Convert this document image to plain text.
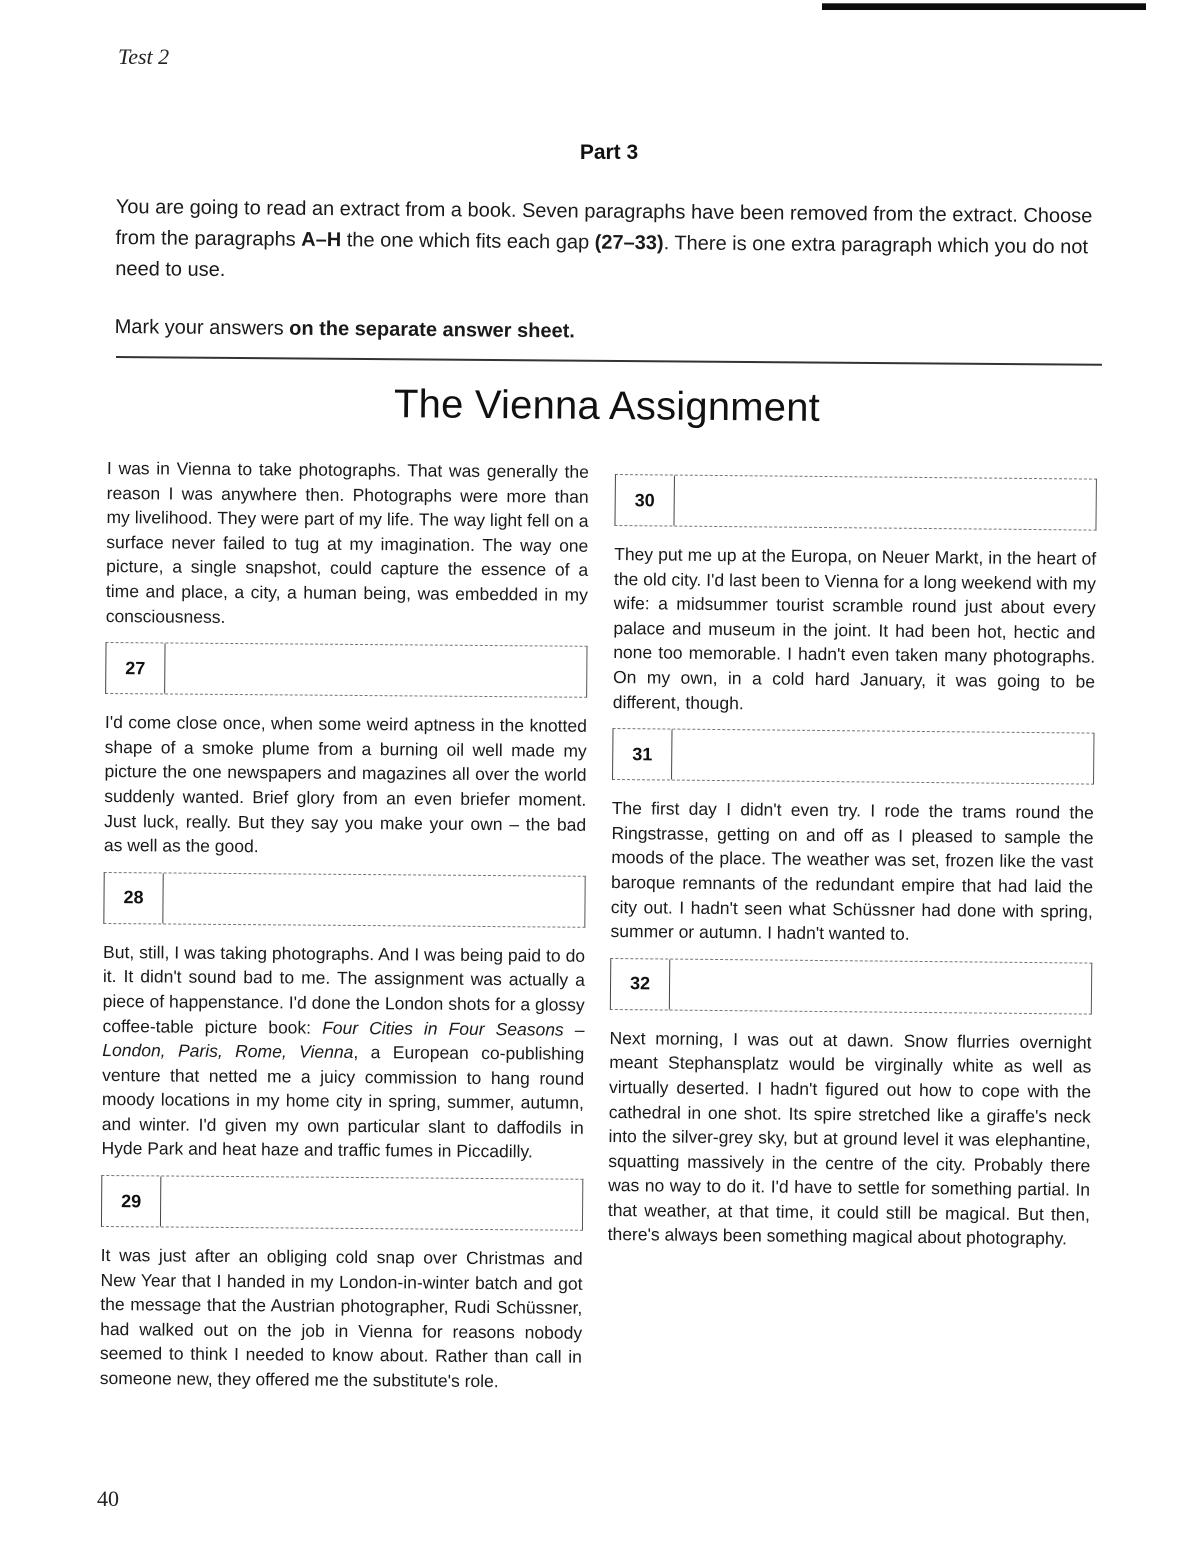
Test 2
Part 3

You are going to read an extract from a book. Seven paragraphs have been removed from the extract. Choose from the paragraphs A–H the one which fits each gap (27–33). There is one extra paragraph which you do not need to use.

Mark your answers on the separate answer sheet.

The Vienna Assignment

I was in Vienna to take photographs. That was generally the reason I was anywhere then. Photographs were more than my livelihood. They were part of my life. The way light fell on a surface never failed to tug at my imagination. The way one picture, a single snapshot, could capture the essence of a time and place, a city, a human being, was embedded in my consciousness.

27

I'd come close once, when some weird aptness in the knotted shape of a smoke plume from a burning oil well made my picture the one newspapers and magazines all over the world suddenly wanted. Brief glory from an even briefer moment. Just luck, really. But they say you make your own – the bad as well as the good.

28

But, still, I was taking photographs. And I was being paid to do it. It didn't sound bad to me. The assignment was actually a piece of happenstance. I'd done the London shots for a glossy coffee-table picture book: Four Cities in Four Seasons – London, Paris, Rome, Vienna, a European co-publishing venture that netted me a juicy commission to hang round moody locations in my home city in spring, summer, autumn, and winter. I'd given my own particular slant to daffodils in Hyde Park and heat haze and traffic fumes in Piccadilly.

29

It was just after an obliging cold snap over Christmas and New Year that I handed in my London-in-winter batch and got the message that the Austrian photographer, Rudi Schüssner, had walked out on the job in Vienna for reasons nobody seemed to think I needed to know about. Rather than call in someone new, they offered me the substitute's role.

30

They put me up at the Europa, on Neuer Markt, in the heart of the old city. I'd last been to Vienna for a long weekend with my wife: a midsummer tourist scramble round just about every palace and museum in the joint. It had been hot, hectic and none too memorable. I hadn't even taken many photographs. On my own, in a cold hard January, it was going to be different, though.

31

The first day I didn't even try. I rode the trams round the Ringstrasse, getting on and off as I pleased to sample the moods of the place. The weather was set, frozen like the vast baroque remnants of the redundant empire that had laid the city out. I hadn't seen what Schüssner had done with spring, summer or autumn. I hadn't wanted to.

32

Next morning, I was out at dawn. Snow flurries overnight meant Stephansplatz would be virginally white as well as virtually deserted. I hadn't figured out how to cope with the cathedral in one shot. Its spire stretched like a giraffe's neck into the silver-grey sky, but at ground level it was elephantine, squatting massively in the centre of the city. Probably there was no way to do it. I'd have to settle for something partial. In that weather, at that time, it could still be magical. But then, there's always been something magical about photography.

40
